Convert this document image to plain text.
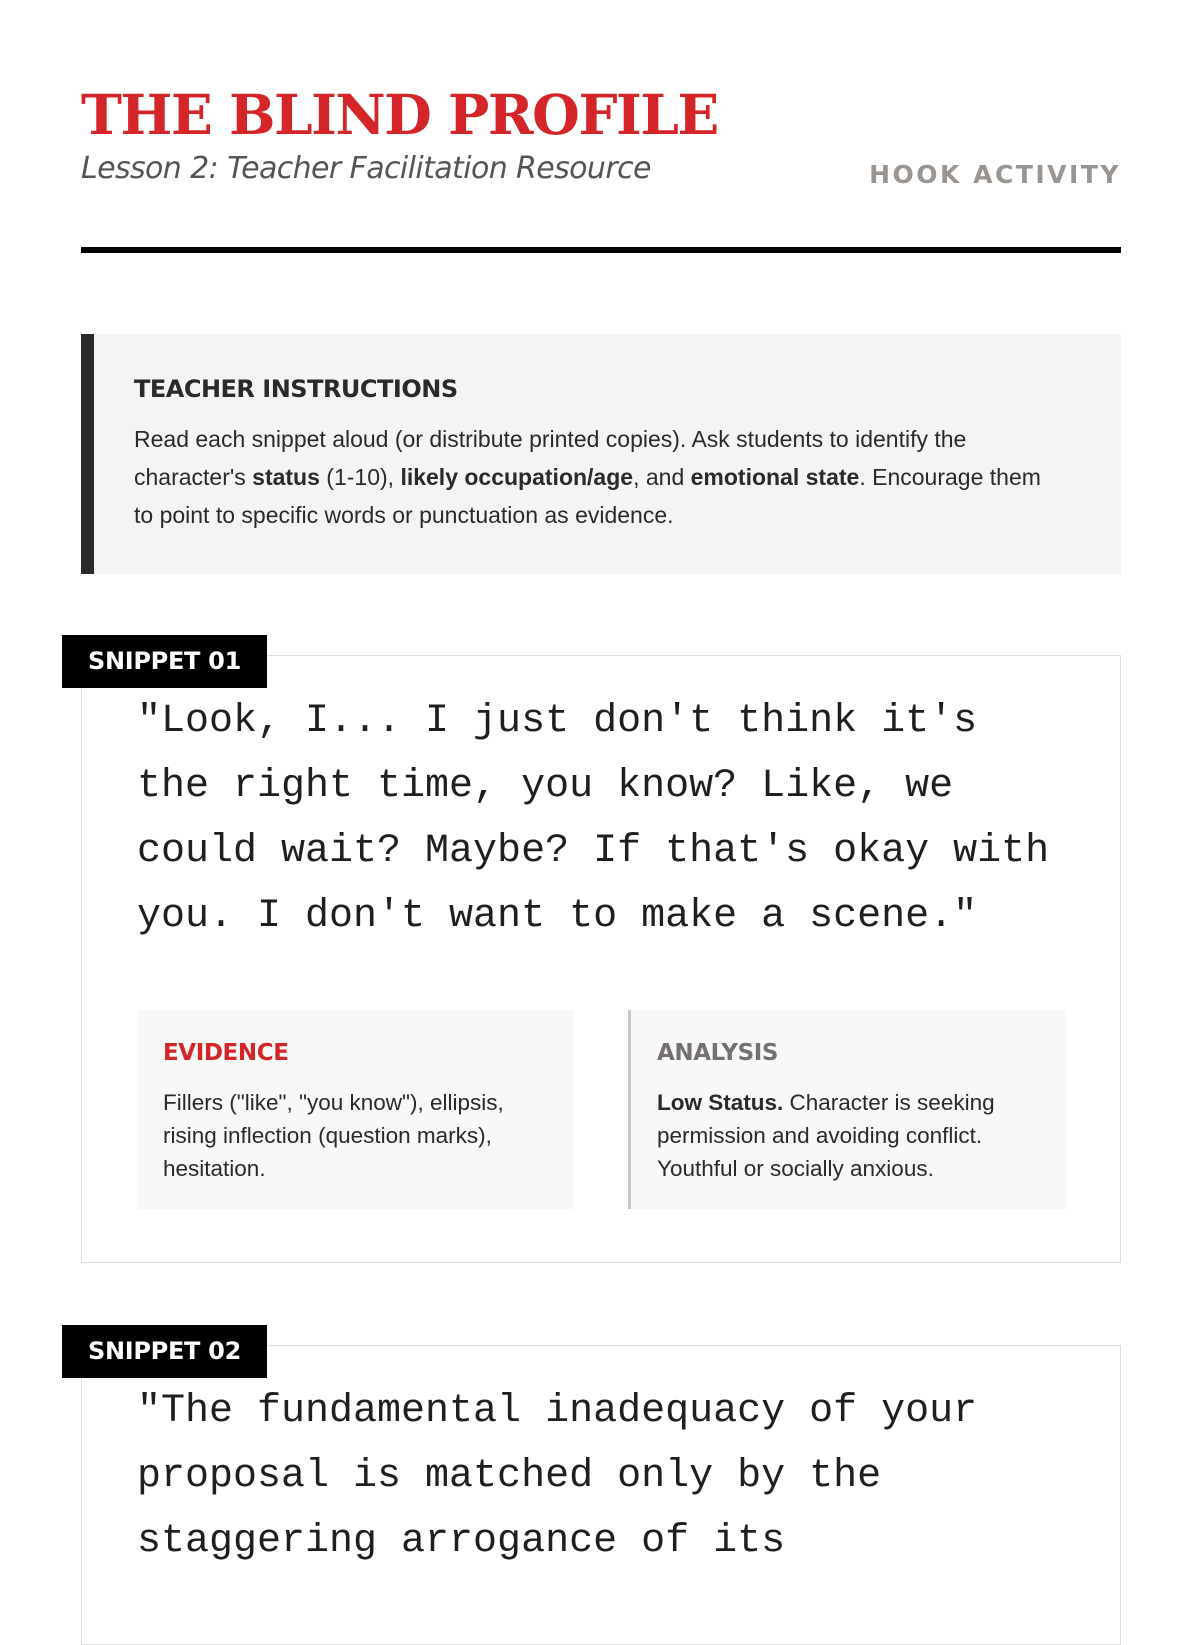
THE BLIND PROFILE
Lesson 2: Teacher Facilitation Resource	HOOK ACTIVITY
TEACHER INSTRUCTIONS
Read each snippet aloud (or distribute printed copies). Ask students to identify the character's status (1-10), likely occupation/age, and emotional state. Encourage them to point to specific words or punctuation as evidence.

"Look, I... I just don't think it's the right time, you know? Like, we could wait? Maybe? If that's okay with you. I don't want to make a scene."

EVIDENCE
Fillers ("like", "you know"), ellipsis, rising inflection (question marks), hesitation.
ANALYSIS
Low Status. Character is seeking permission and avoiding conflict. Youthful or socially anxious.
SNIPPET 01

"The fundamental inadequacy of your proposal is matched only by the staggering arrogance of its

SNIPPET 02
